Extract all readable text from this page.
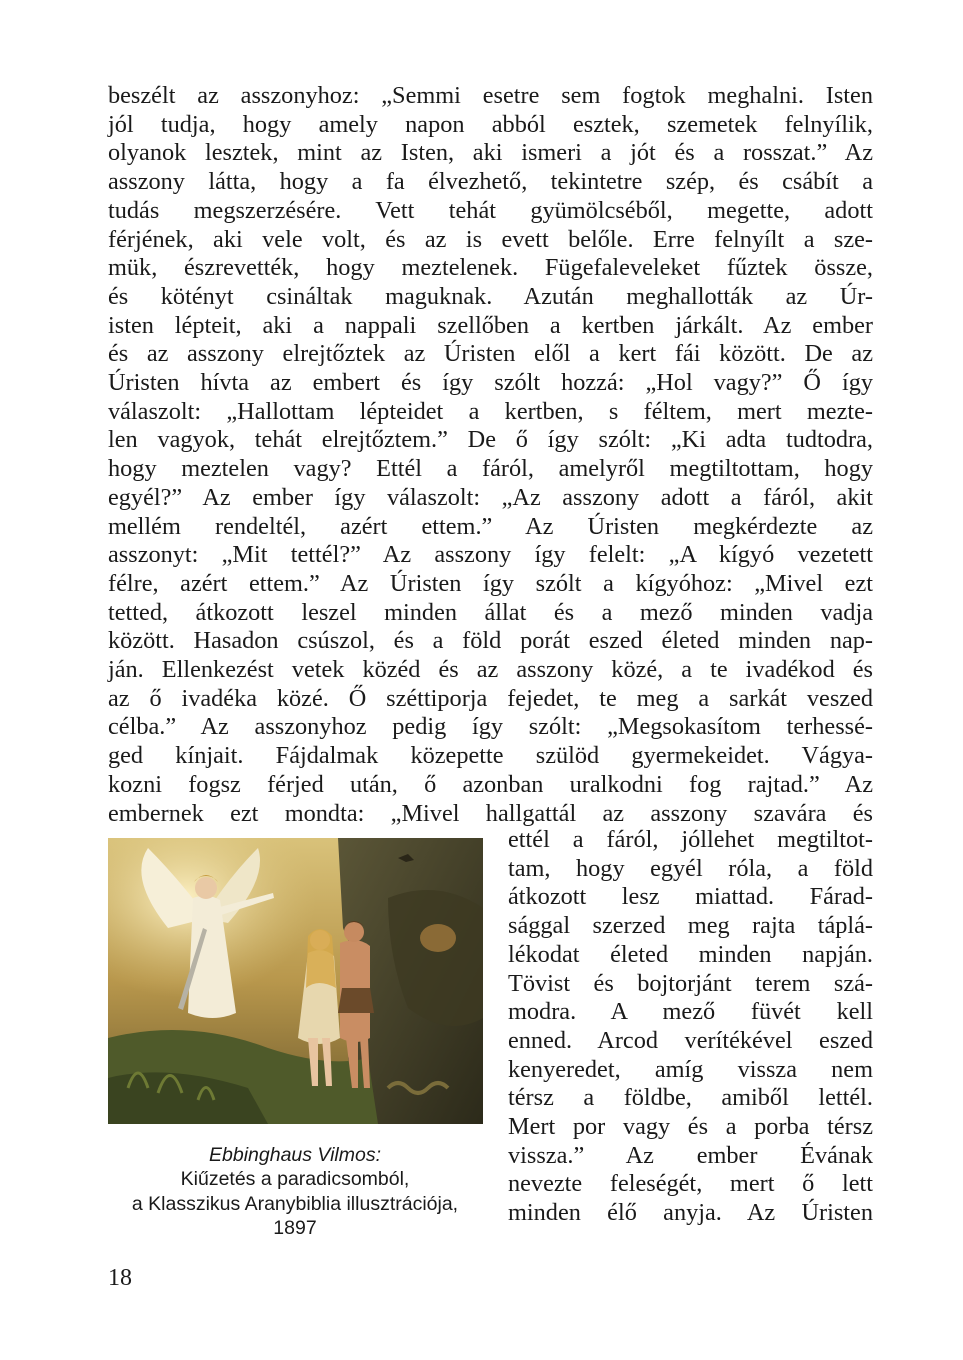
beszélt az asszonyhoz: „Semmi esetre sem fogtok meghalni. Isten
jól tudja, hogy amely napon abból esztek, szemetek felnyílik,
olyanok lesztek, mint az Isten, aki ismeri a jót és a rosszat.” Az
asszony látta, hogy a fa élvezhető, tekintetre szép, és csábít a
tudás megszerzésére. Vett tehát gyümölcséből, megette, adott
férjének, aki vele volt, és az is evett belőle. Erre felnyílt a sze-
mük, észrevették, hogy meztelenek. Fügefaleveleket fűztek össze,
és kötényt csináltak maguknak. Azután meghallották az Úr-
isten lépteit, aki a nappali szellőben a kertben járkált. Az ember
és az asszony elrejtőztek az Úristen elől a kert fái között. De az
Úristen hívta az embert és így szólt hozzá: „Hol vagy?” Ő így
válaszolt: „Hallottam lépteidet a kertben, s féltem, mert mezte-
len vagyok, tehát elrejtőztem.” De ő így szólt: „Ki adta tudtodra,
hogy meztelen vagy? Ettél a fáról, amelyről megtiltottam, hogy
egyél?” Az ember így válaszolt: „Az asszony adott a fáról, akit
mellém rendeltél, azért ettem.” Az Úristen megkérdezte az
asszonyt: „Mit tettél?” Az asszony így felelt: „A kígyó vezetett
félre, azért ettem.” Az Úristen így szólt a kígyóhoz: „Mivel ezt
tetted, átkozott leszel minden állat és a mező minden vadja
között. Hasadon csúszol, és a föld porát eszed életed minden nap-
ján. Ellenkezést vetek közéd és az asszony közé, a te ivadékod és
az ő ivadéka közé. Ő széttiporja fejedet, te meg a sarkát veszed
célba.” Az asszonyhoz pedig így szólt: „Megsokasítom terhessé-
ged kínjait. Fájdalmak közepette szülöd gyermekeidet. Vágya-
kozni fogsz férjed után, ő azonban uralkodni fog rajtad.” Az
embernek ezt mondta: „Mivel hallgattál az asszony szavára és
ettél a fáról, jóllehet megtiltot-
tam, hogy egyél róla, a föld
átkozott lesz miattad. Fárad-
sággal szerzed meg rajta táplá-
lékodat életed minden napján.
Tövist és bojtorjánt terem szá-
modra. A mező füvét kell
enned. Arcod verítékével eszed
kenyeredet, amíg vissza nem
térsz a földbe, amiből lettél.
Mert por vagy és a porba térsz
vissza.” Az ember Évának
nevezte feleségét, mert ő lett
minden élő anyja. Az Úristen
Ebbinghaus Vilmos:
Kiűzetés a paradicsomból,
a Klasszikus Aranybiblia illusztrációja,
1897
18
